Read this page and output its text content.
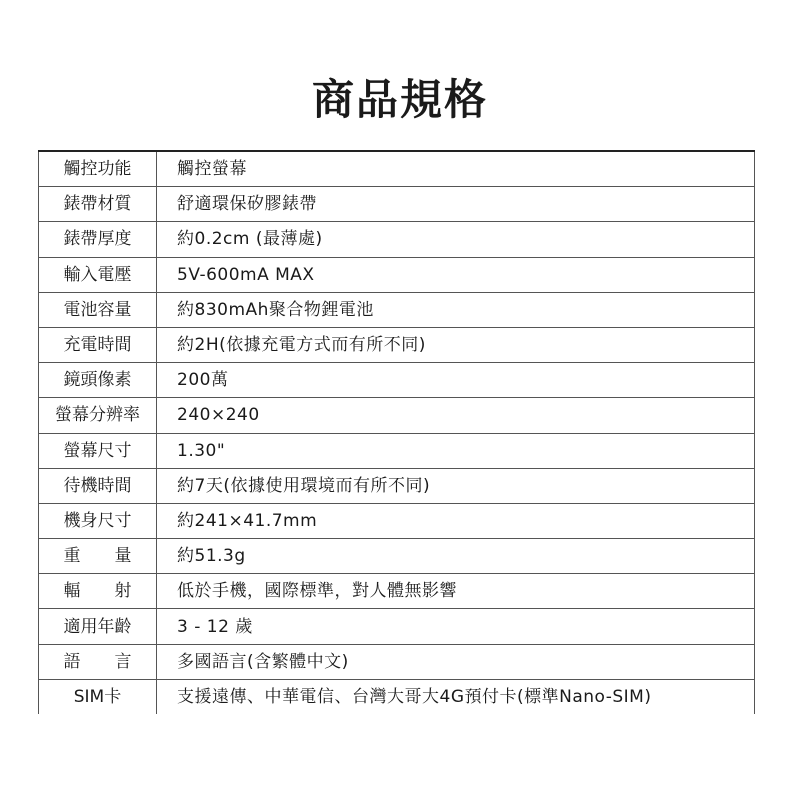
商品規格
觸控功能	觸控螢幕
錶帶材質	舒適環保矽膠錶帶
錶帶厚度	約0.2cm (最薄處)
輸入電壓	5V-600mA MAX
電池容量	約830mAh聚合物鋰電池
充電時間	約2H(依據充電方式而有所不同)
鏡頭像素	200萬
螢幕分辨率	240×240
螢幕尺寸	1.30"
待機時間	約7天(依據使用環境而有所不同)
機身尺寸	約241×41.7mm
重　　量	約51.3g
輻　　射	低於手機，國際標準，對人體無影響
適用年齡	3 - 12 歲
語　　言	多國語言(含繁體中文)
SIM卡	支援遠傳、中華電信、台灣大哥大4G預付卡(標準Nano-SIM)
